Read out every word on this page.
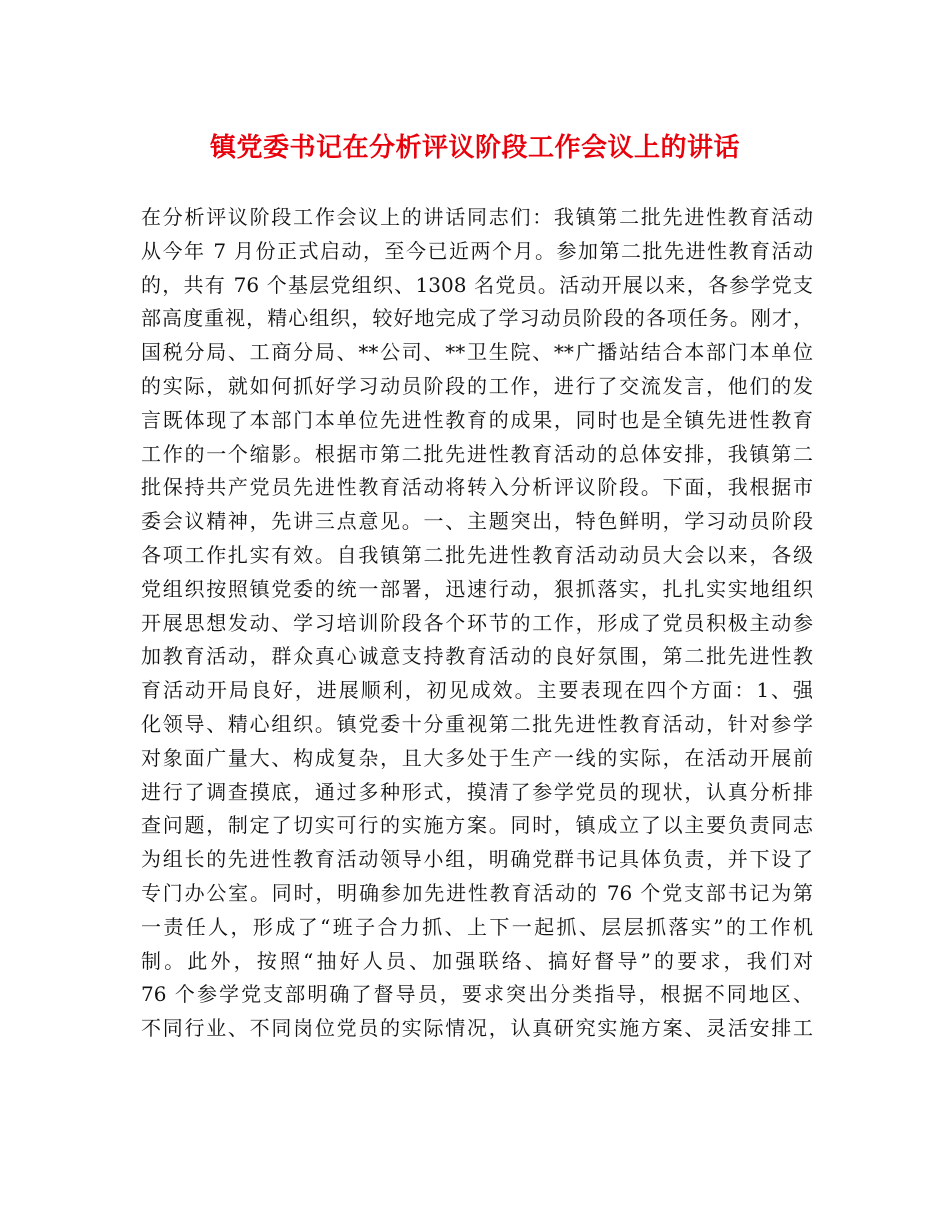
镇党委书记在分析评议阶段工作会议上的讲话
在分析评议阶段工作会议上的讲话同志们：我镇第二批先进性教育活动
从今年 7 月份正式启动，至今已近两个月。参加第二批先进性教育活动
的，共有 76 个基层党组织、1308 名党员。活动开展以来，各参学党支
部高度重视，精心组织，较好地完成了学习动员阶段的各项任务。刚才，
国税分局、工商分局、**公司、**卫生院、**广播站结合本部门本单位
的实际，就如何抓好学习动员阶段的工作，进行了交流发言，他们的发
言既体现了本部门本单位先进性教育的成果，同时也是全镇先进性教育
工作的一个缩影。根据市第二批先进性教育活动的总体安排，我镇第二
批保持共产党员先进性教育活动将转入分析评议阶段。下面，我根据市
委会议精神，先讲三点意见。一、主题突出，特色鲜明，学习动员阶段
各项工作扎实有效。自我镇第二批先进性教育活动动员大会以来，各级
党组织按照镇党委的统一部署，迅速行动，狠抓落实，扎扎实实地组织
开展思想发动、学习培训阶段各个环节的工作，形成了党员积极主动参
加教育活动，群众真心诚意支持教育活动的良好氛围，第二批先进性教
育活动开局良好，进展顺利，初见成效。主要表现在四个方面：1、强
化领导、精心组织。镇党委十分重视第二批先进性教育活动，针对参学
对象面广量大、构成复杂，且大多处于生产一线的实际，在活动开展前
进行了调查摸底，通过多种形式，摸清了参学党员的现状，认真分析排
查问题，制定了切实可行的实施方案。同时，镇成立了以主要负责同志
为组长的先进性教育活动领导小组，明确党群书记具体负责，并下设了
专门办公室。同时，明确参加先进性教育活动的 76 个党支部书记为第
一责任人，形成了“班子合力抓、上下一起抓、层层抓落实”的工作机
制。此外，按照“抽好人员、加强联络、搞好督导”的要求，我们对
76 个参学党支部明确了督导员，要求突出分类指导，根据不同地区、
不同行业、不同岗位党员的实际情况，认真研究实施方案、灵活安排工
